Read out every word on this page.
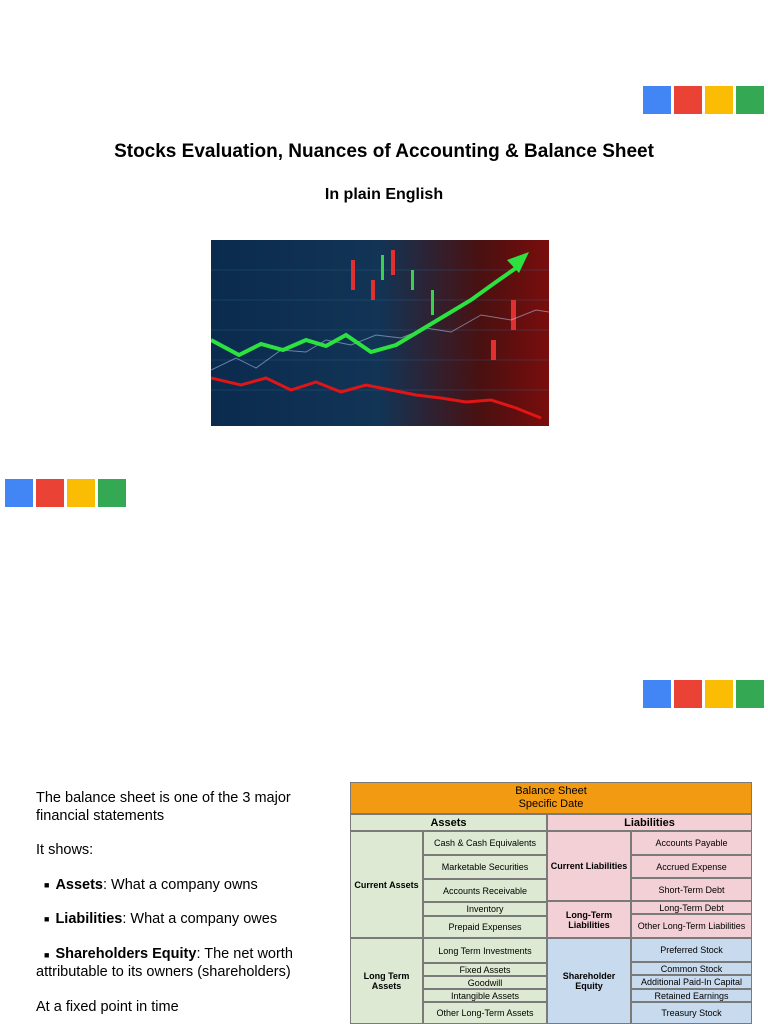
Stocks Evaluation, Nuances of Accounting & Balance Sheet
In plain English

The balance sheet is one of the 3 major financial statements

It shows:

■ Assets: What a company owns
■ Liabilities: What a company owes
■ Shareholders Equity: The net worth attributable to its owners (shareholders)

At a fixed point in time

Balance Sheet
Specific Date
Assets	Liabilities
Current Assets
Long Term Assets
Cash & Cash Equivalents
Marketable Securities
Accounts Receivable
Inventory
Prepaid Expenses
Long Term Investments
Fixed Assets
Goodwill
Intangible Assets
Other Long-Term Assets
Current Liabilities
Long-Term Liabilities
Shareholder Equity
Accounts Payable
Accrued Expense
Short-Term Debt
Long-Term Debt
Other Long-Term Liabilities
Preferred Stock
Common Stock
Additional Paid-In Capital
Retained Earnings
Treasury Stock
